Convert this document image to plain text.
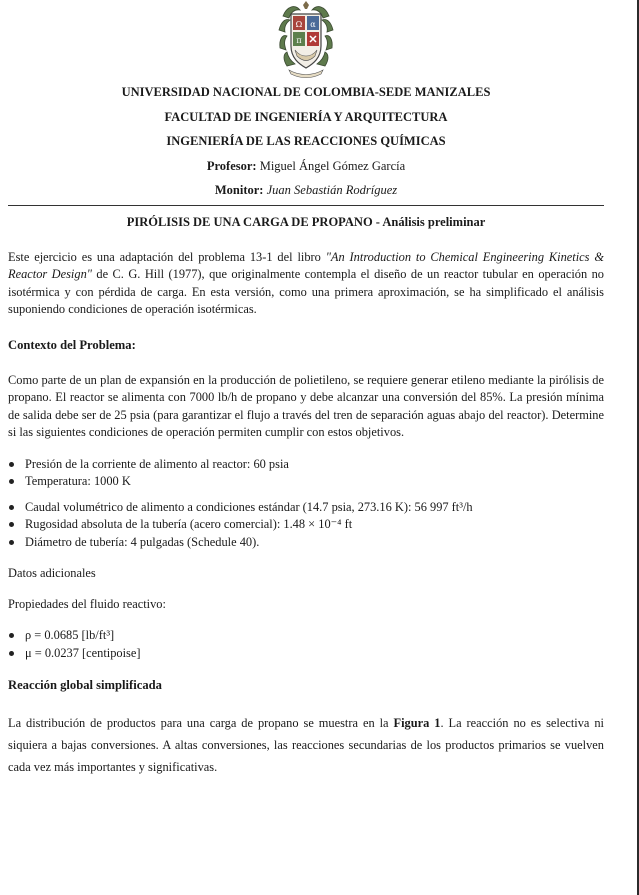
Ω α
π
UNIVERSIDAD NACIONAL DE COLOMBIA-SEDE MANIZALES
FACULTAD DE INGENIERÍA Y ARQUITECTURA
INGENIERÍA DE LAS REACCIONES QUÍMICAS
Profesor: Miguel Ángel Gómez García
Monitor: Juan Sebastián Rodríguez
PIRÓLISIS DE UNA CARGA DE PROPANO - Análisis preliminar

Este ejercicio es una adaptación del problema 13-1 del libro "An Introduction to Chemical Engineering Kinetics & Reactor Design" de C. G. Hill (1977), que originalmente contempla el diseño de un reactor tubular en operación no isotérmica y con pérdida de carga. En esta versión, como una primera aproximación, se ha simplificado el análisis suponiendo condiciones de operación isotérmicas.

Contexto del Problema:

Como parte de un plan de expansión en la producción de polietileno, se requiere generar etileno mediante la pirólisis de propano. El reactor se alimenta con 7000 lb/h de propano y debe alcanzar una conversión del 85%. La presión mínima de salida debe ser de 25 psia (para garantizar el flujo a través del tren de separación aguas abajo del reactor). Determine si las siguientes condiciones de operación permiten cumplir con estos objetivos.

Presión de la corriente de alimento al reactor: 60 psia
Temperatura: 1000 K
Caudal volumétrico de alimento a condiciones estándar (14.7 psia, 273.16 K): 56 997 ft³/h
Rugosidad absoluta de la tubería (acero comercial): 1.48 × 10⁻⁴ ft
Diámetro de tubería: 4 pulgadas (Schedule 40).

Datos adicionales

Propiedades del fluido reactivo:

ρ = 0.0685 [lb/ft³]
μ = 0.0237 [centipoise]
Reacción global simplificada

La distribución de productos para una carga de propano se muestra en la Figura 1. La reacción no es selectiva ni siquiera a bajas conversiones. A altas conversiones, las reacciones secundarias de los productos primarios se vuelven cada vez más importantes y significativas.
